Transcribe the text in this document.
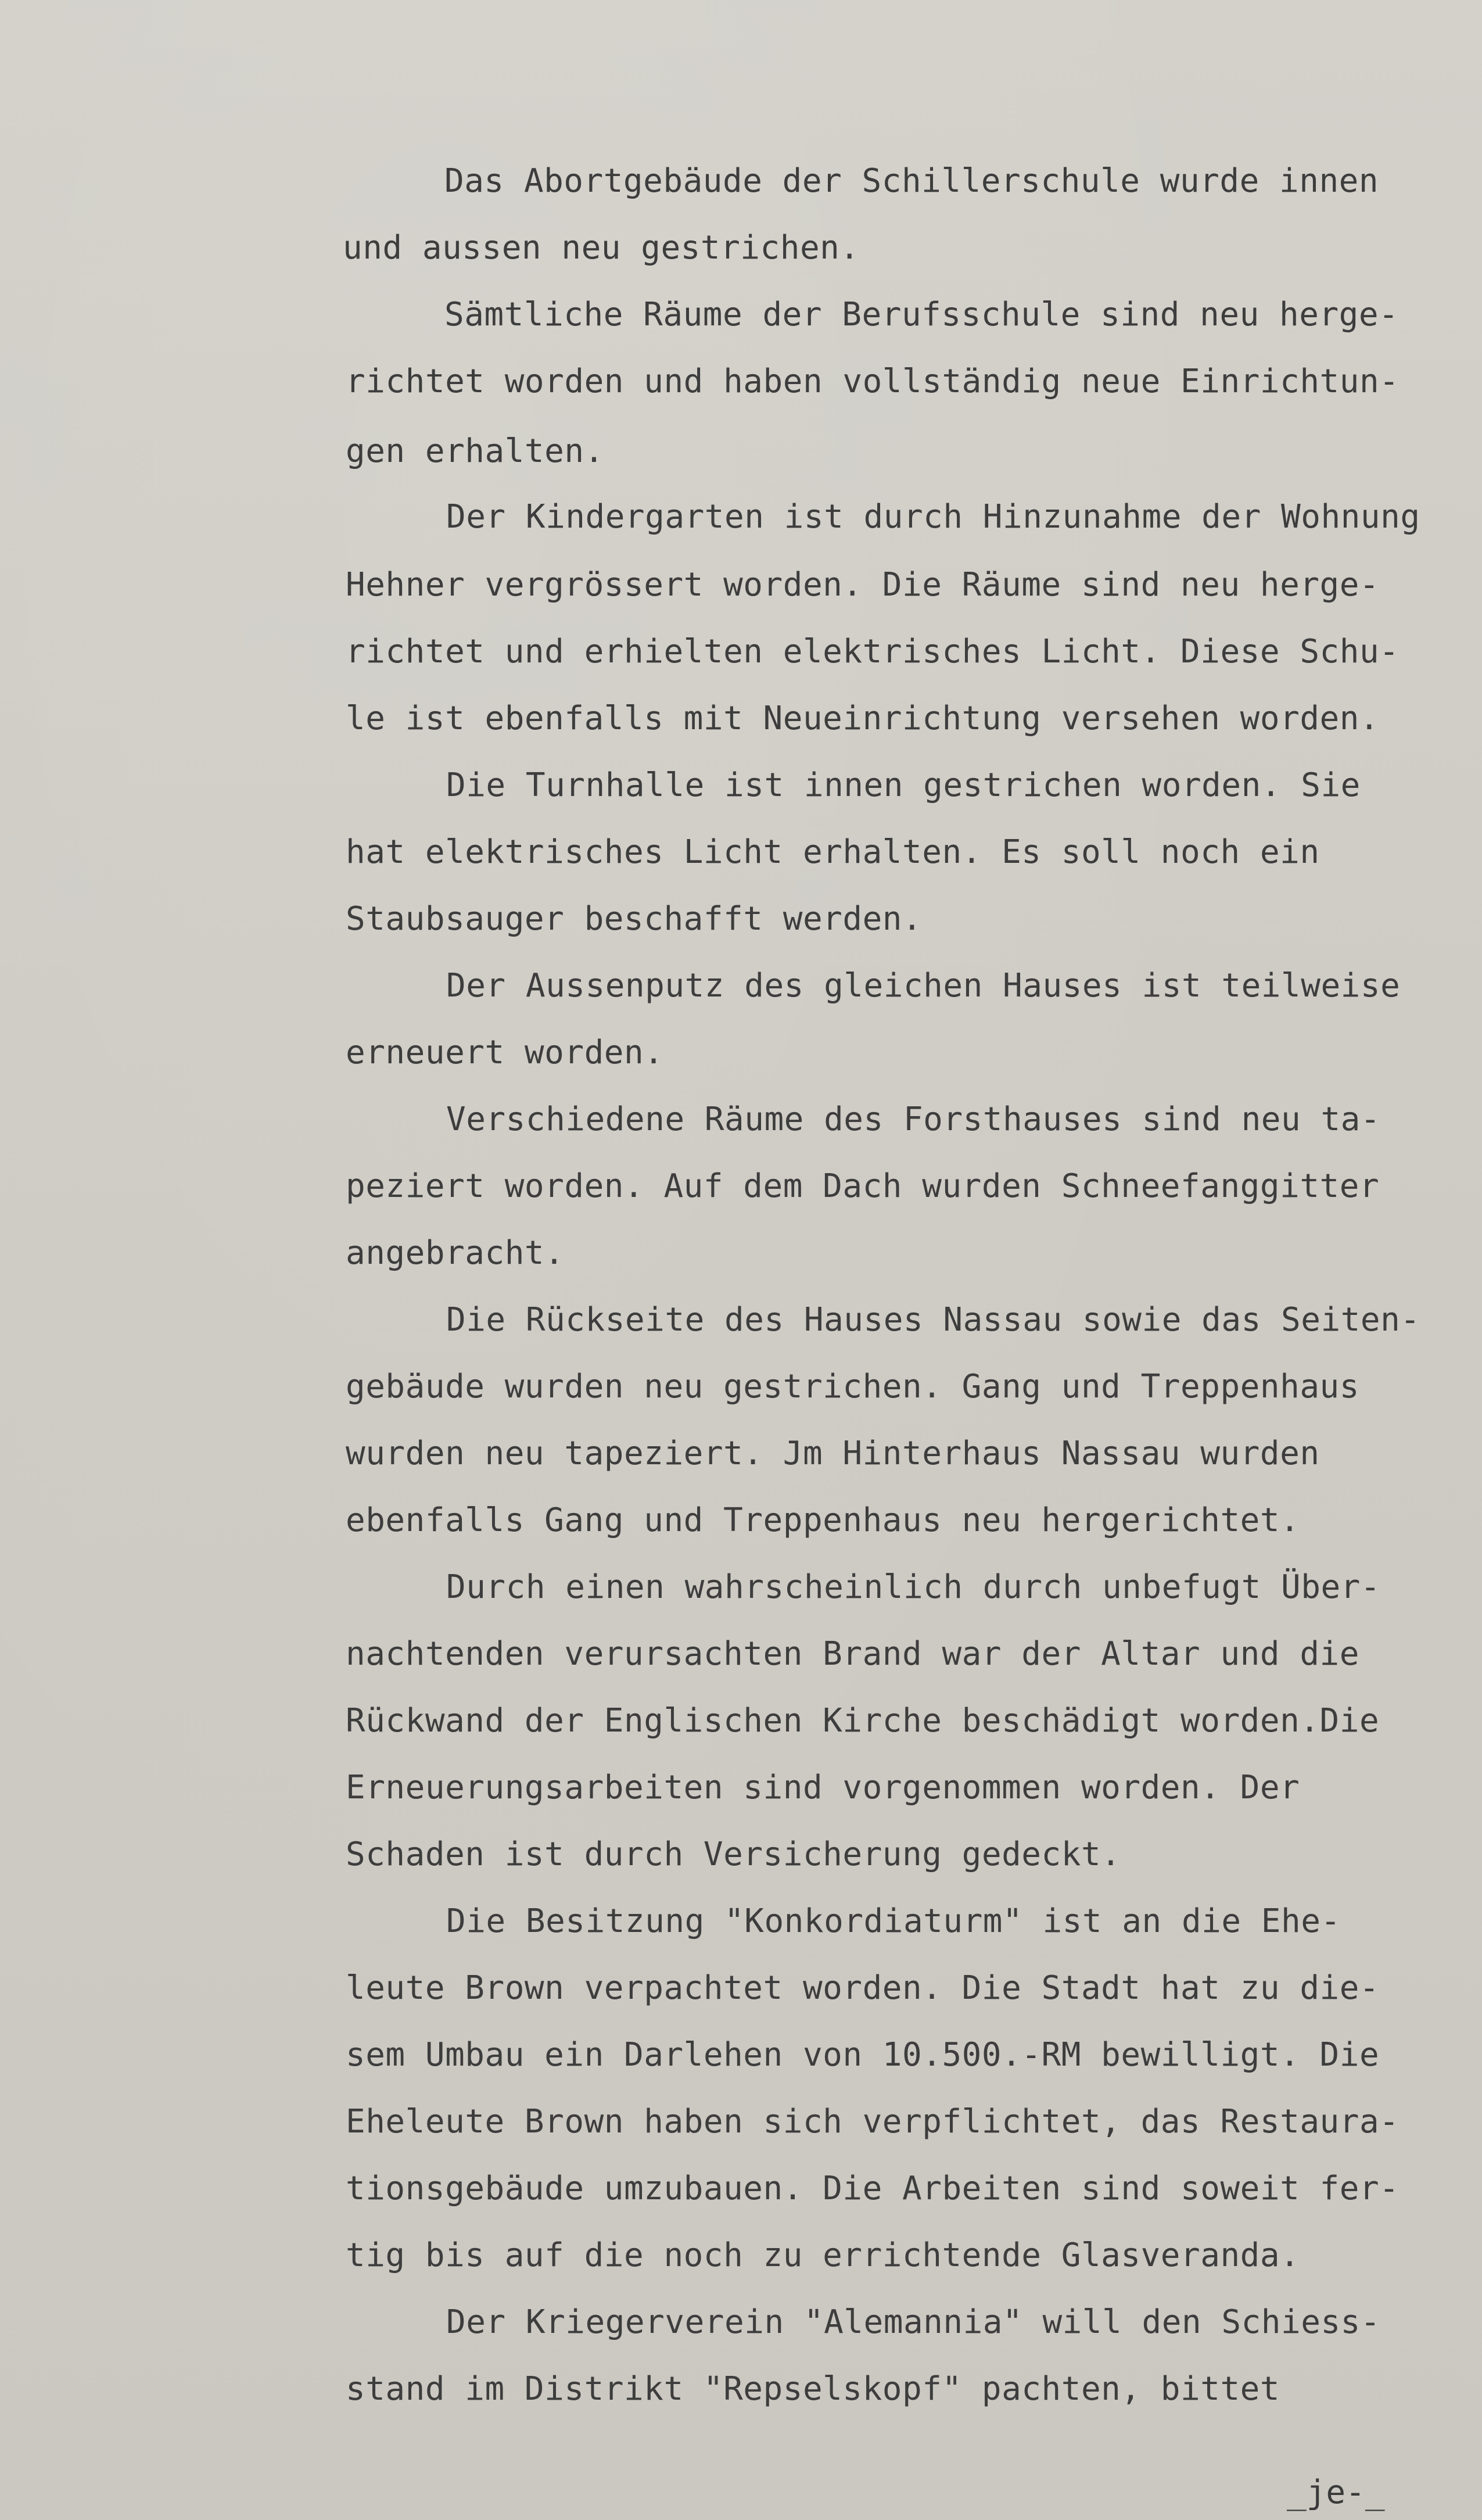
Das Abortgebäude der Schillerschule wurde innen
und aussen neu gestrichen.
Sämtliche Räume der Berufsschule sind neu herge-
richtet worden und haben vollständig neue Einrichtun-
gen erhalten.
Der Kindergarten ist durch Hinzunahme der Wohnung
Hehner vergrössert worden. Die Räume sind neu herge-
richtet und erhielten elektrisches Licht. Diese Schu-
le ist ebenfalls mit Neueinrichtung versehen worden.
Die Turnhalle ist innen gestrichen worden. Sie
hat elektrisches Licht erhalten. Es soll noch ein
Staubsauger beschafft werden.
Der Aussenputz des gleichen Hauses ist teilweise
erneuert worden.
Verschiedene Räume des Forsthauses sind neu ta-
peziert worden. Auf dem Dach wurden Schneefanggitter
angebracht.
Die Rückseite des Hauses Nassau sowie das Seiten-
gebäude wurden neu gestrichen. Gang und Treppenhaus
wurden neu tapeziert. Jm Hinterhaus Nassau wurden
ebenfalls Gang und Treppenhaus neu hergerichtet.
Durch einen wahrscheinlich durch unbefugt Über-
nachtenden verursachten Brand war der Altar und die
Rückwand der Englischen Kirche beschädigt worden.Die
Erneuerungsarbeiten sind vorgenommen worden. Der
Schaden ist durch Versicherung gedeckt.
Die Besitzung "Konkordiaturm" ist an die Ehe-
leute Brown verpachtet worden. Die Stadt hat zu die-
sem Umbau ein Darlehen von 10.500.-RM bewilligt. Die
Eheleute Brown haben sich verpflichtet, das Restaura-
tionsgebäude umzubauen. Die Arbeiten sind soweit fer-
tig bis auf die noch zu errichtende Glasveranda.
Der Kriegerverein "Alemannia" will den Schiess-
stand im Distrikt "Repselskopf" pachten, bittet
_je-_
